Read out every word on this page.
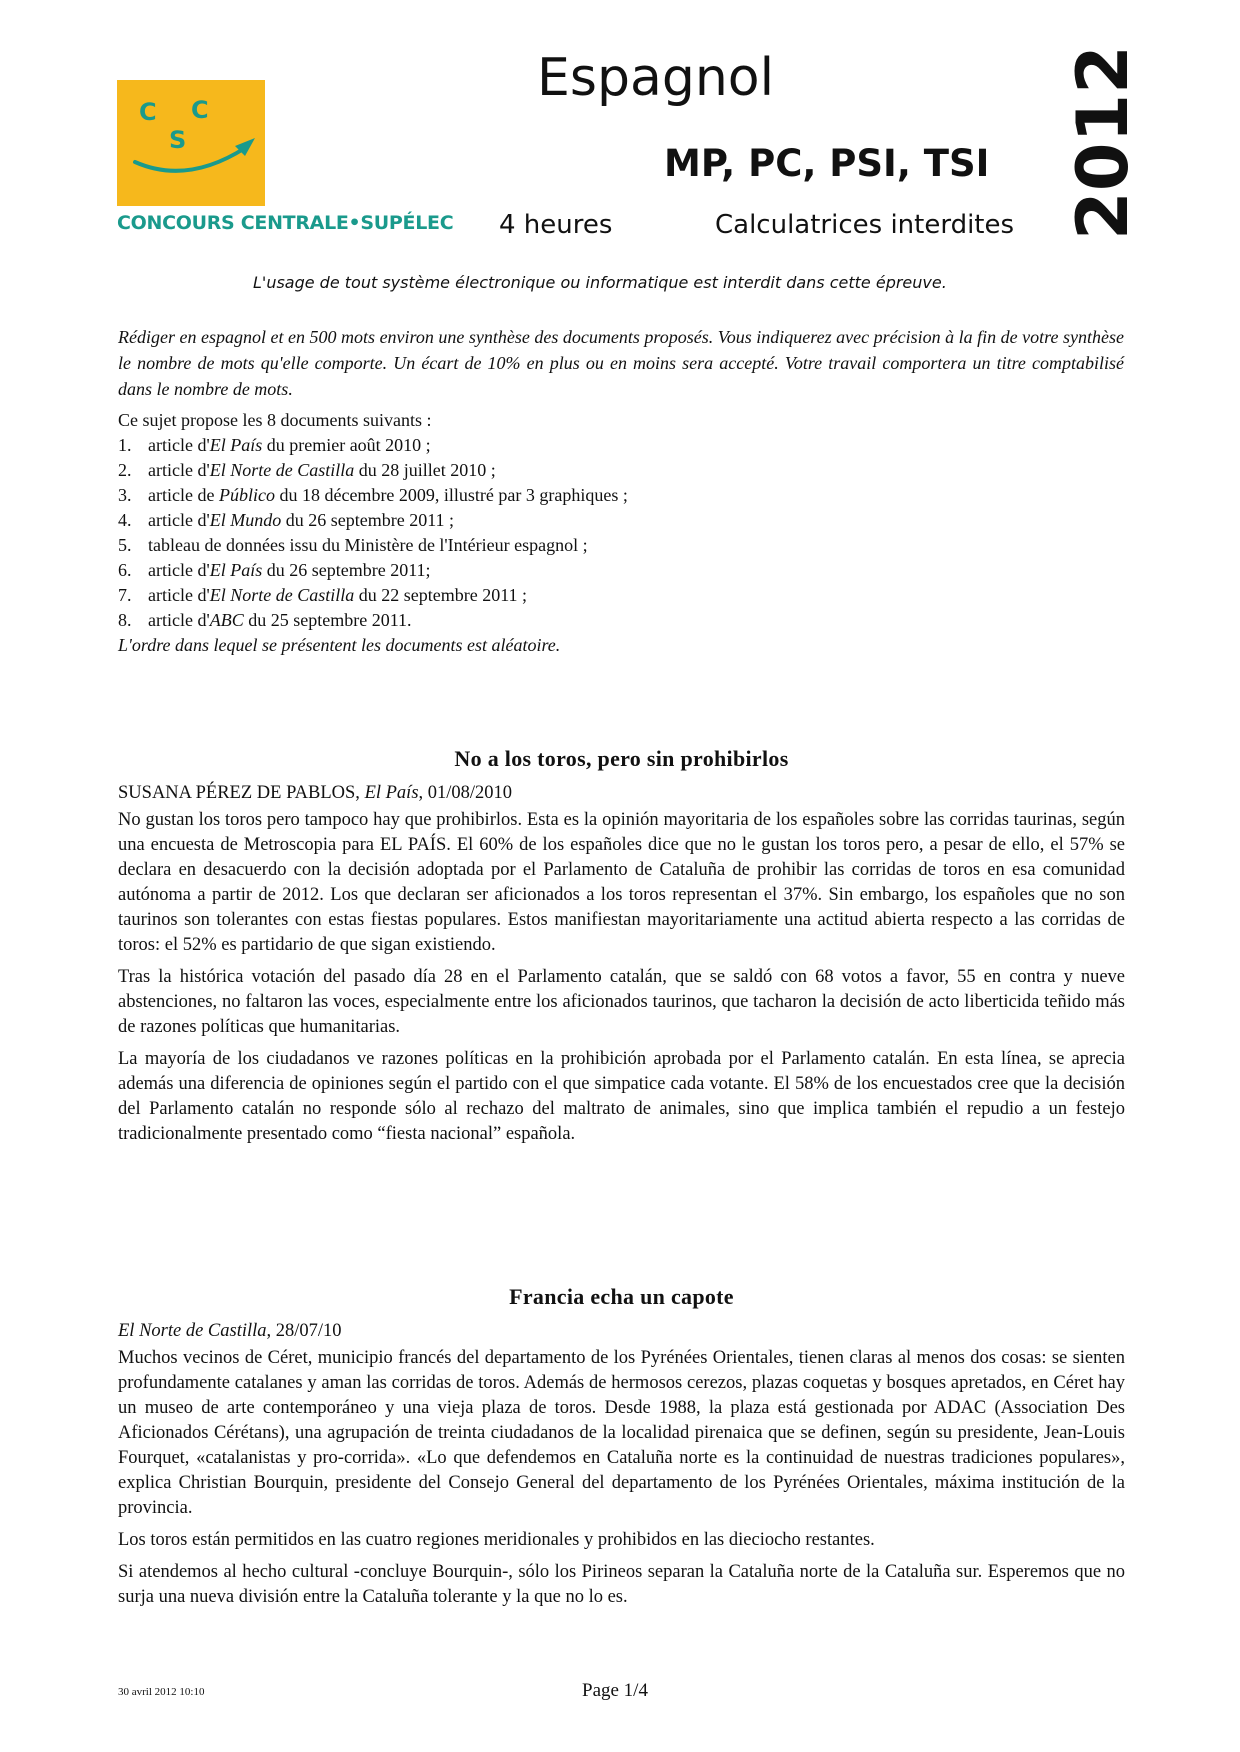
C C
S
CONCOURS CENTRALE•SUPÉLEC
Espagnol
MP, PC, PSI, TSI
4 heures	Calculatrices interdites 2012
L'usage de tout système électronique ou informatique est interdit dans cette épreuve.

Rédiger en espagnol et en 500 mots environ une synthèse des documents proposés. Vous indiquerez avec précision à la fin de votre synthèse le nombre de mots qu'elle comporte. Un écart de 10% en plus ou en moins sera accepté. Votre travail comportera un titre comptabilisé dans le nombre de mots.

Ce sujet propose les 8 documents suivants :
1. article d'El País du premier août 2010 ;
2. article d'El Norte de Castilla du 28 juillet 2010 ;
3. article de Público du 18 décembre 2009, illustré par 3 graphiques ;
4. article d'El Mundo du 26 septembre 2011 ;
5. tableau de données issu du Ministère de l'Intérieur espagnol ;
6. article d'El País du 26 septembre 2011;
7. article d'El Norte de Castilla du 22 septembre 2011 ;
8. article d'ABC du 25 septembre 2011.
L'ordre dans lequel se présentent les documents est aléatoire.
No a los toros, pero sin prohibirlos

SUSANA PÉREZ DE PABLOS, El País, 01/08/2010

No gustan los toros pero tampoco hay que prohibirlos. Esta es la opinión mayoritaria de los españoles sobre las corridas taurinas, según una encuesta de Metroscopia para EL PAÍS. El 60% de los españoles dice que no le gustan los toros pero, a pesar de ello, el 57% se declara en desacuerdo con la decisión adoptada por el Parlamento de Cataluña de prohibir las corridas de toros en esa comunidad autónoma a partir de 2012. Los que declaran ser aficionados a los toros representan el 37%. Sin embargo, los españoles que no son taurinos son tolerantes con estas fiestas populares. Estos manifiestan mayoritariamente una actitud abierta respecto a las corridas de toros: el 52% es partidario de que sigan existiendo.

Tras la histórica votación del pasado día 28 en el Parlamento catalán, que se saldó con 68 votos a favor, 55 en contra y nueve abstenciones, no faltaron las voces, especialmente entre los aficionados taurinos, que tacharon la decisión de acto liberticida teñido más de razones políticas que humanitarias.

La mayoría de los ciudadanos ve razones políticas en la prohibición aprobada por el Parlamento catalán. En esta línea, se aprecia además una diferencia de opiniones según el partido con el que simpatice cada votante. El 58% de los encuestados cree que la decisión del Parlamento catalán no responde sólo al rechazo del maltrato de animales, sino que implica también el repudio a un festejo tradicionalmente presentado como “fiesta nacional” española.

Francia echa un capote

El Norte de Castilla, 28/07/10

Muchos vecinos de Céret, municipio francés del departamento de los Pyrénées Orientales, tienen claras al menos dos cosas: se sienten profundamente catalanes y aman las corridas de toros. Además de hermosos cerezos, plazas coquetas y bosques apretados, en Céret hay un museo de arte contemporáneo y una vieja plaza de toros. Desde 1988, la plaza está gestionada por ADAC (Association Des Aficionados Cérétans), una agrupación de treinta ciudadanos de la localidad pirenaica que se definen, según su presidente, Jean-Louis Fourquet, «catalanistas y pro-corrida». «Lo que defendemos en Cataluña norte es la continuidad de nuestras tradiciones populares», explica Christian Bourquin, presidente del Consejo General del departamento de los Pyrénées Orientales, máxima institución de la provincia.

Los toros están permitidos en las cuatro regiones meridionales y prohibidos en las dieciocho restantes.

Si atendemos al hecho cultural -concluye Bourquin-, sólo los Pirineos separan la Cataluña norte de la Cataluña sur. Esperemos que no surja una nueva división entre la Cataluña tolerante y la que no lo es.

30 avril 2012 10:10	Page 1/4
